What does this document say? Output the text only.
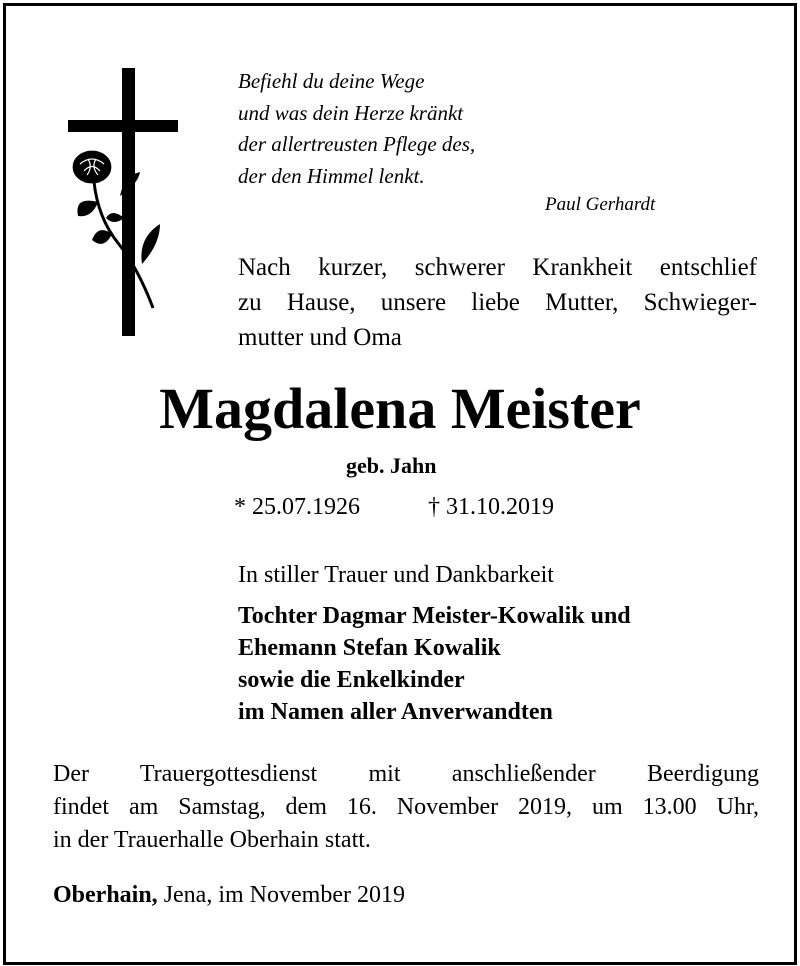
Befiehl du deine Wege
und was dein Herze kränkt
der allertreusten Pflege des,
der den Himmel lenkt.
Paul Gerhardt
Nach kurzer, schwerer Krankheit entschlief
zu Hause, unsere liebe Mutter, Schwieger-
mutter und Oma
Magdalena Meister
geb. Jahn
* 25.07.1926	† 31.10.2019
In stiller Trauer und Dankbarkeit
Tochter Dagmar Meister-Kowalik und
Ehemann Stefan Kowalik
sowie die Enkelkinder
im Namen aller Anverwandten
Der Trauergottesdienst mit anschließender Beerdigung
findet am Samstag, dem 16. November 2019, um 13.00 Uhr,
in der Trauerhalle Oberhain statt.
Oberhain, Jena, im November 2019
